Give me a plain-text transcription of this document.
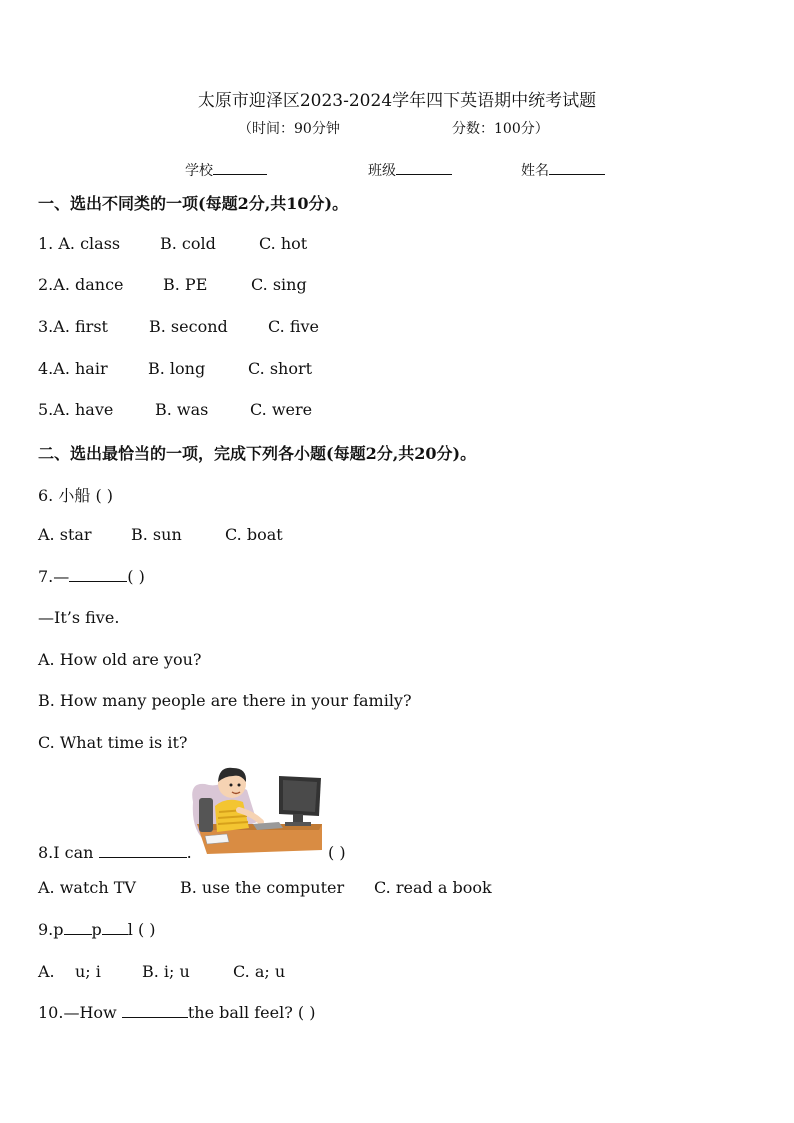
太原市迎泽区2023-2024学年四下英语期中统考试题
（时间：90分钟	分数：100分）
学校	班级	姓名
一、选出不同类的一项(每题2分,共10分)。
1. A. class B. cold	C. hot
2.A. dance B. PE	C. sing
3.A. first	B. second	C. five
4.A. hair	B. long	C. short
5.A. have	B. was	C. were
二、选出最恰当的一项，完成下列各小题(每题2分,共20分)。
6. 小船 ( )
A. star B. sun	C. boat
7.—	( )
—It’s five.
A. How old are you?
B. How many people are there in your family?
C. What time is it?
8.I can	.	( )
A. watch TV	B. use the computer C. read a book
9.p p l ( )
A.    u; i	B. i; u	C. a; u
10.—How	the ball feel? ( )
